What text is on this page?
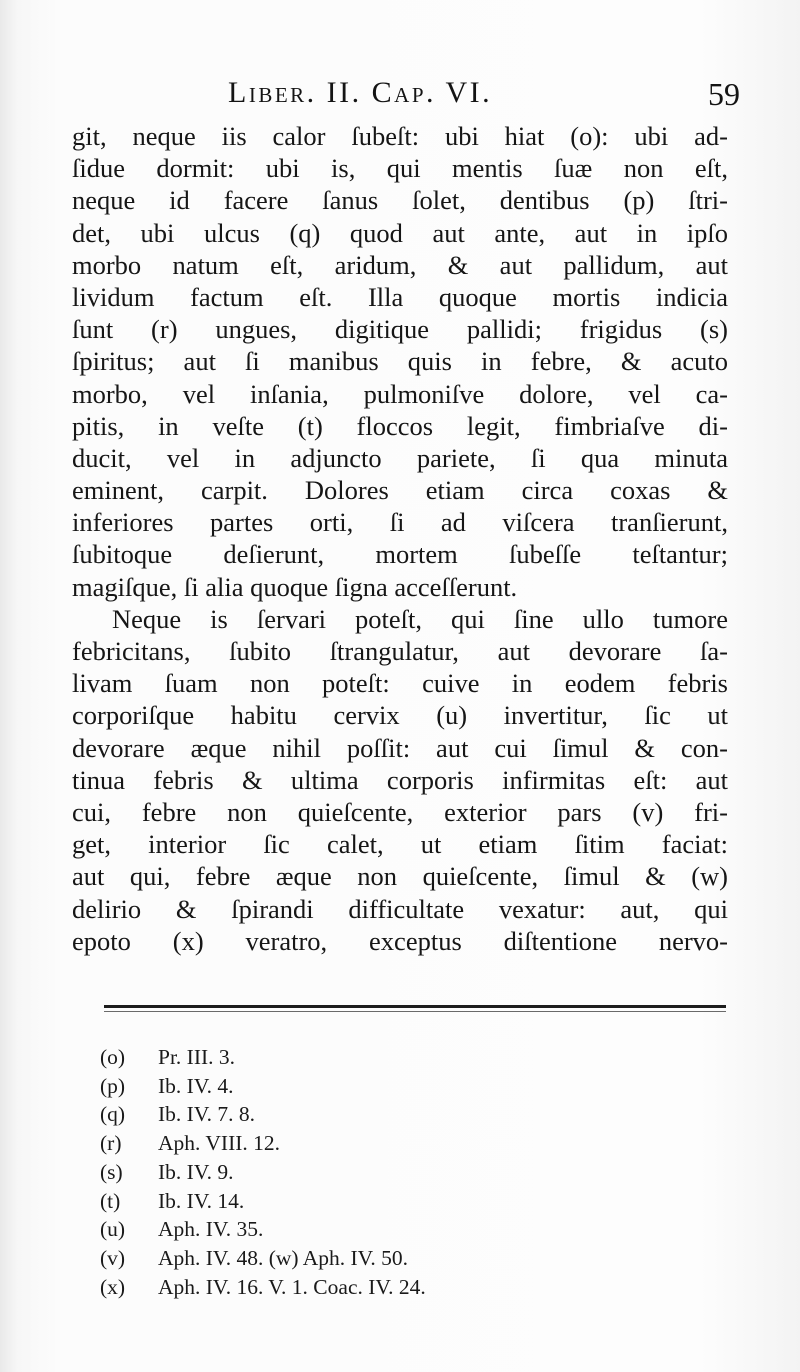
Liber. II. Cap. VI.	59
git, neque iis calor ſubeſt: ubi hiat (o): ubi ad-
ſidue dormit: ubi is, qui mentis ſuæ non eſt,
neque id facere ſanus ſolet, dentibus (p) ſtri-
det, ubi ulcus (q) quod aut ante, aut in ipſo
morbo natum eſt, aridum, & aut pallidum, aut
lividum factum eſt. Illa quoque mortis indicia
ſunt (r) ungues, digitique pallidi; frigidus (s)
ſpiritus; aut ſi manibus quis in febre, & acuto
morbo, vel inſania, pulmoniſve dolore, vel ca-
pitis, in veſte (t) floccos legit, fimbriaſve di-
ducit, vel in adjuncto pariete, ſi qua minuta
eminent, carpit. Dolores etiam circa coxas &
inferiores partes orti, ſi ad viſcera tranſierunt,
ſubitoque deſierunt, mortem ſubeſſe teſtantur;
magiſque, ſi alia quoque ſigna acceſſerunt.
Neque is ſervari poteſt, qui ſine ullo tumore
febricitans, ſubito ſtrangulatur, aut devorare ſa-
livam ſuam non poteſt: cuive in eodem febris
corporiſque habitu cervix (u) invertitur, ſic ut
devorare æque nihil poſſit: aut cui ſimul & con-
tinua febris & ultima corporis infirmitas eſt: aut
cui, febre non quieſcente, exterior pars (v) fri-
get, interior ſic calet, ut etiam ſitim faciat:
aut qui, febre æque non quieſcente, ſimul & (w)
delirio & ſpirandi difficultate vexatur: aut, qui
epoto (x) veratro, exceptus diſtentione nervo-
(o) Pr. III. 3.
(p) Ib. IV. 4.
(q) Ib. IV. 7. 8.
(r) Aph. VIII. 12.
(s) Ib. IV. 9.
(t) Ib. IV. 14.
(u) Aph. IV. 35.
(v) Aph. IV. 48. (w) Aph. IV. 50.
(x) Aph. IV. 16. V. 1. Coac. IV. 24.
